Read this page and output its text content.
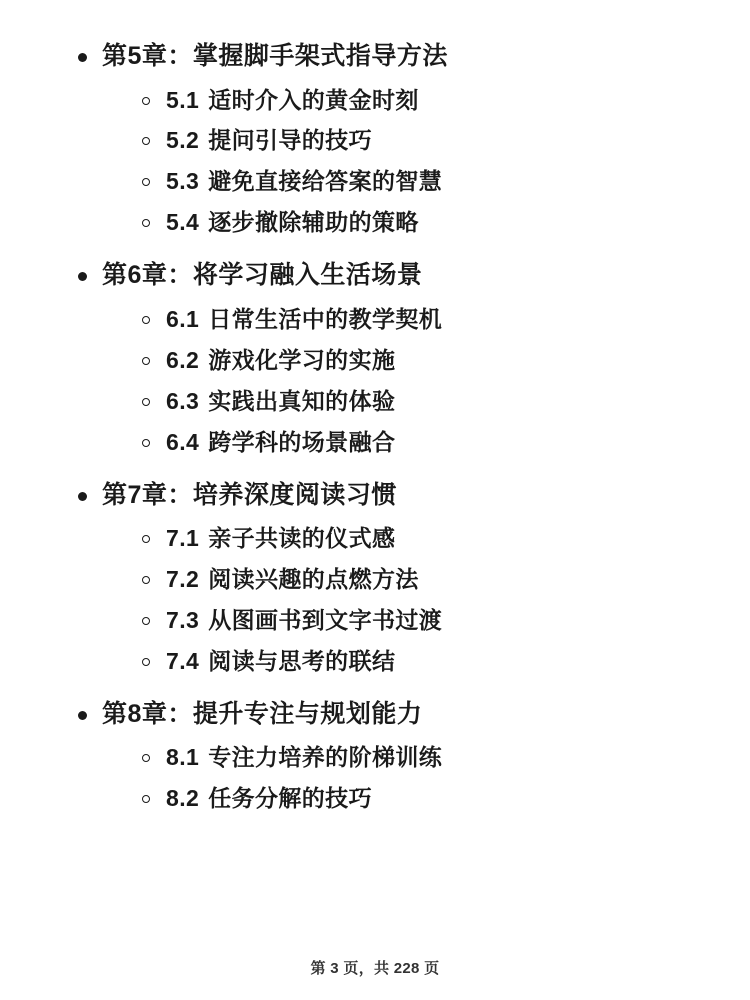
第5章： 掌握脚手架式指导方法
5.1 适时介入的黄金时刻
5.2 提问引导的技巧
5.3 避免直接给答案的智慧
5.4 逐步撤除辅助的策略
第6章： 将学习融入生活场景
6.1 日常生活中的教学契机
6.2 游戏化学习的实施
6.3 实践出真知的体验
6.4 跨学科的场景融合
第7章： 培养深度阅读习惯
7.1 亲子共读的仪式感
7.2 阅读兴趣的点燃方法
7.3 从图画书到文字书过渡
7.4 阅读与思考的联结
第8章： 提升专注与规划能力
8.1 专注力培养的阶梯训练
8.2 任务分解的技巧
第 3 页，共 228 页
